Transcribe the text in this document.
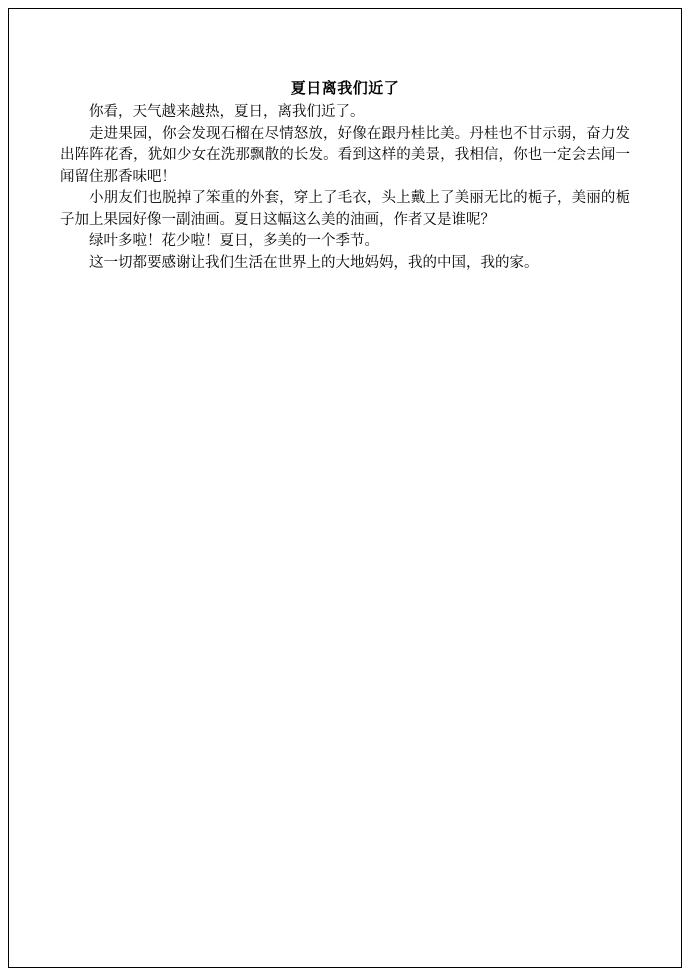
夏日离我们近了

你看，天气越来越热，夏日，离我们近了。

走进果园，你会发现石榴在尽情怒放，好像在跟丹桂比美。丹桂也不甘示弱，奋力发出阵阵花香，犹如少女在洗那飘散的长发。看到这样的美景，我相信，你也一定会去闻一闻留住那香味吧！

小朋友们也脱掉了笨重的外套，穿上了毛衣，头上戴上了美丽无比的栀子，美丽的栀子加上果园好像一副油画。夏日这幅这么美的油画，作者又是谁呢？

绿叶多啦！花少啦！夏日，多美的一个季节。

这一切都要感谢让我们生活在世界上的大地妈妈，我的中国，我的家。
